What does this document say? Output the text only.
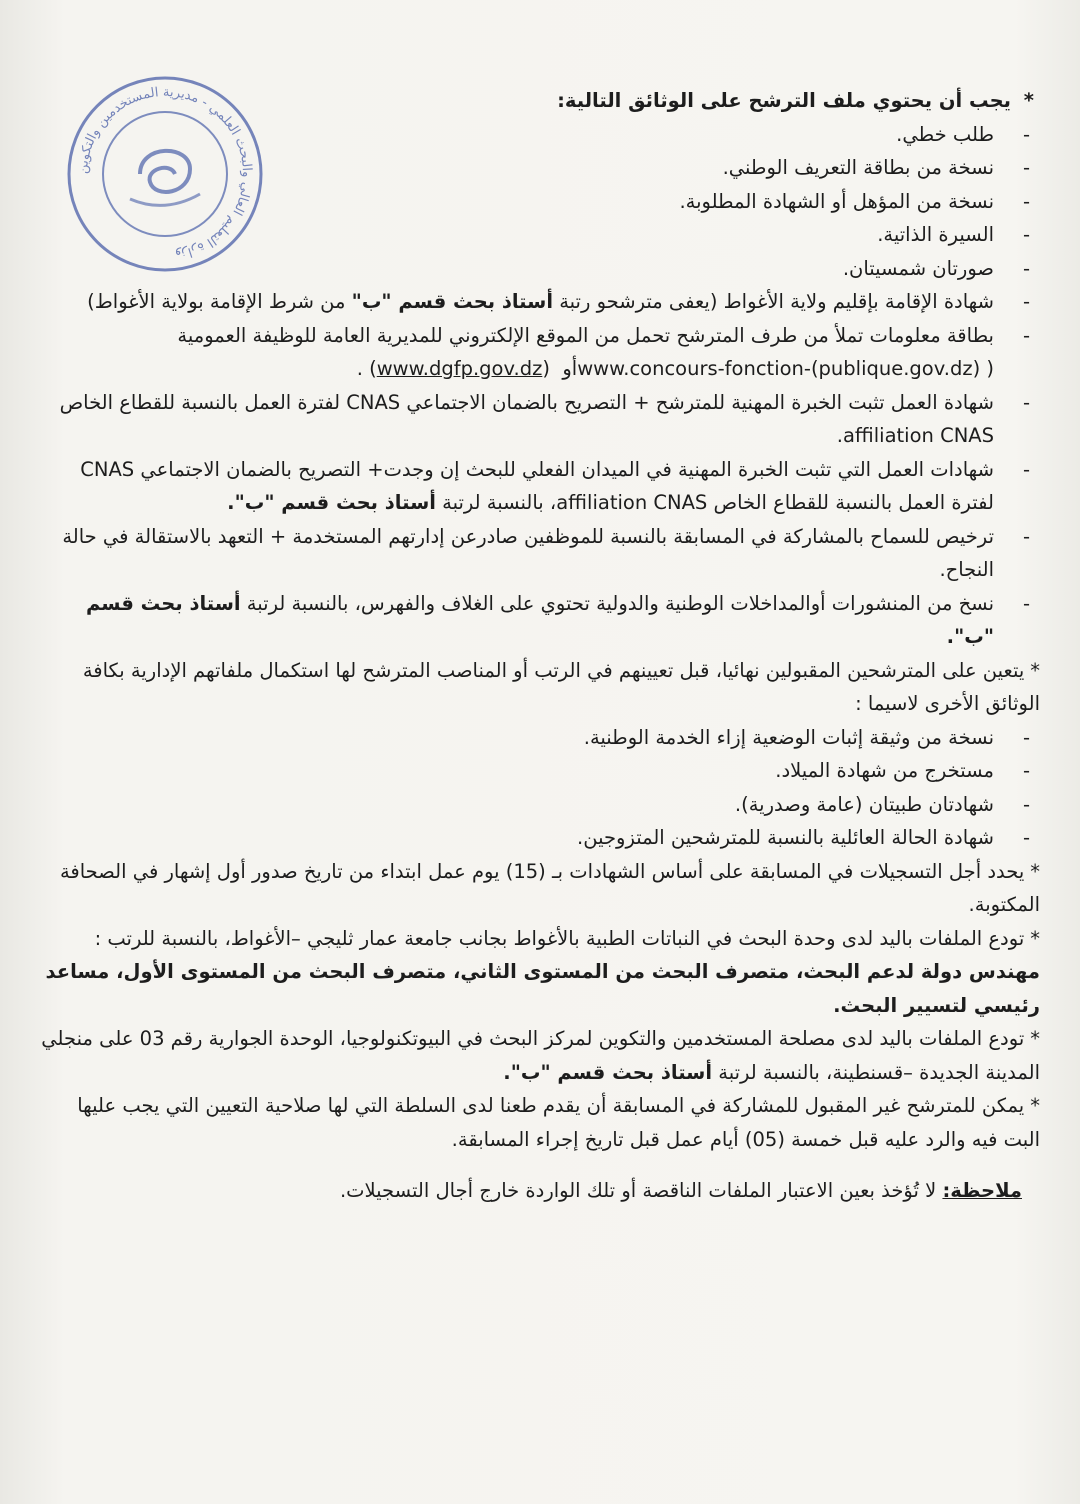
وزارة التعليم العالي والبحث العلمي - مديرية المستخدمين والتكوين

* يجب أن يحتوي ملف الترشح على الوثائق التالية:

-
طلب خطي.

-
نسخة من بطاقة التعريف الوطني.

-
نسخة من المؤهل أو الشهادة المطلوبة.

-
السيرة الذاتية.

-
صورتان شمسيتان.

-
شهادة الإقامة بإقليم ولاية الأغواط (يعفى مترشحو رتبة أستاذ بحث قسم "ب" من شرط الإقامة بولاية الأغواط)

-
بطاقة معلومات تملأ من طرف المترشح تحمل من الموقع الإلكتروني للمديرية العامة للوظيفة العمومية
( www.concours-fonction-(publique.gov.dz)أو  (www.dgfp.gov.dz) .

-
شهادة العمل تثبت الخبرة المهنية للمترشح + التصريح بالضمان الاجتماعي CNAS لفترة العمل بالنسبة للقطاع الخاص
affiliation CNAS.

-
شهادات العمل التي تثبت الخبرة المهنية في الميدان الفعلي للبحث إن وجدت+ التصريح بالضمان الاجتماعي CNAS لفترة العمل بالنسبة للقطاع الخاص affiliation CNAS، بالنسبة لرتبة أستاذ بحث قسم "ب".

-
ترخيص للسماح بالمشاركة في المسابقة بالنسبة للموظفين صادرعن إدارتهم المستخدمة + التعهد بالاستقالة في حالة النجاح.

-
نسخ من المنشورات أوالمداخلات الوطنية والدولية تحتوي على الغلاف والفهرس، بالنسبة لرتبة أستاذ بحث قسم "ب".

*يتعين على المترشحين المقبولين نهائيا، قبل تعيينهم في الرتب أو المناصب المترشح لها استكمال ملفاتهم الإدارية بكافة الوثائق الأخرى لاسيما :

-
نسخة من وثيقة إثبات الوضعية إزاء الخدمة الوطنية.

-
مستخرج من شهادة الميلاد.

-
شهادتان طبيتان (عامة وصدرية).

-
شهادة الحالة العائلية بالنسبة للمترشحين المتزوجين.

*يحدد أجل التسجيلات في المسابقة على أساس الشهادات بـ (15) يوم عمل ابتداء من تاريخ صدور أول إشهار في الصحافة المكتوبة.

*تودع الملفات باليد لدى وحدة البحث في النباتات الطبية بالأغواط بجانب جامعة عمار ثليجي –الأغواط، بالنسبة للرتب : مهندس دولة لدعم البحث، متصرف البحث من المستوى الثاني، متصرف البحث من المستوى الأول، مساعد رئيسي لتسيير البحث.

*تودع الملفات باليد لدى مصلحة المستخدمين والتكوين لمركز البحث في البيوتكنولوجيا، الوحدة الجوارية رقم 03 على منجلي المدينة الجديدة –قسنطينة، بالنسبة لرتبة أستاذ بحث قسم "ب".

*يمكن للمترشح غير المقبول للمشاركة في المسابقة أن يقدم طعنا لدى السلطة التي لها صلاحية التعيين التي يجب عليها البت فيه والرد عليه قبل خمسة (05) أيام عمل قبل تاريخ إجراء المسابقة.

ملاحظة: لا تُؤخذ بعين الاعتبار الملفات الناقصة أو تلك الواردة خارج أجال التسجيلات.
